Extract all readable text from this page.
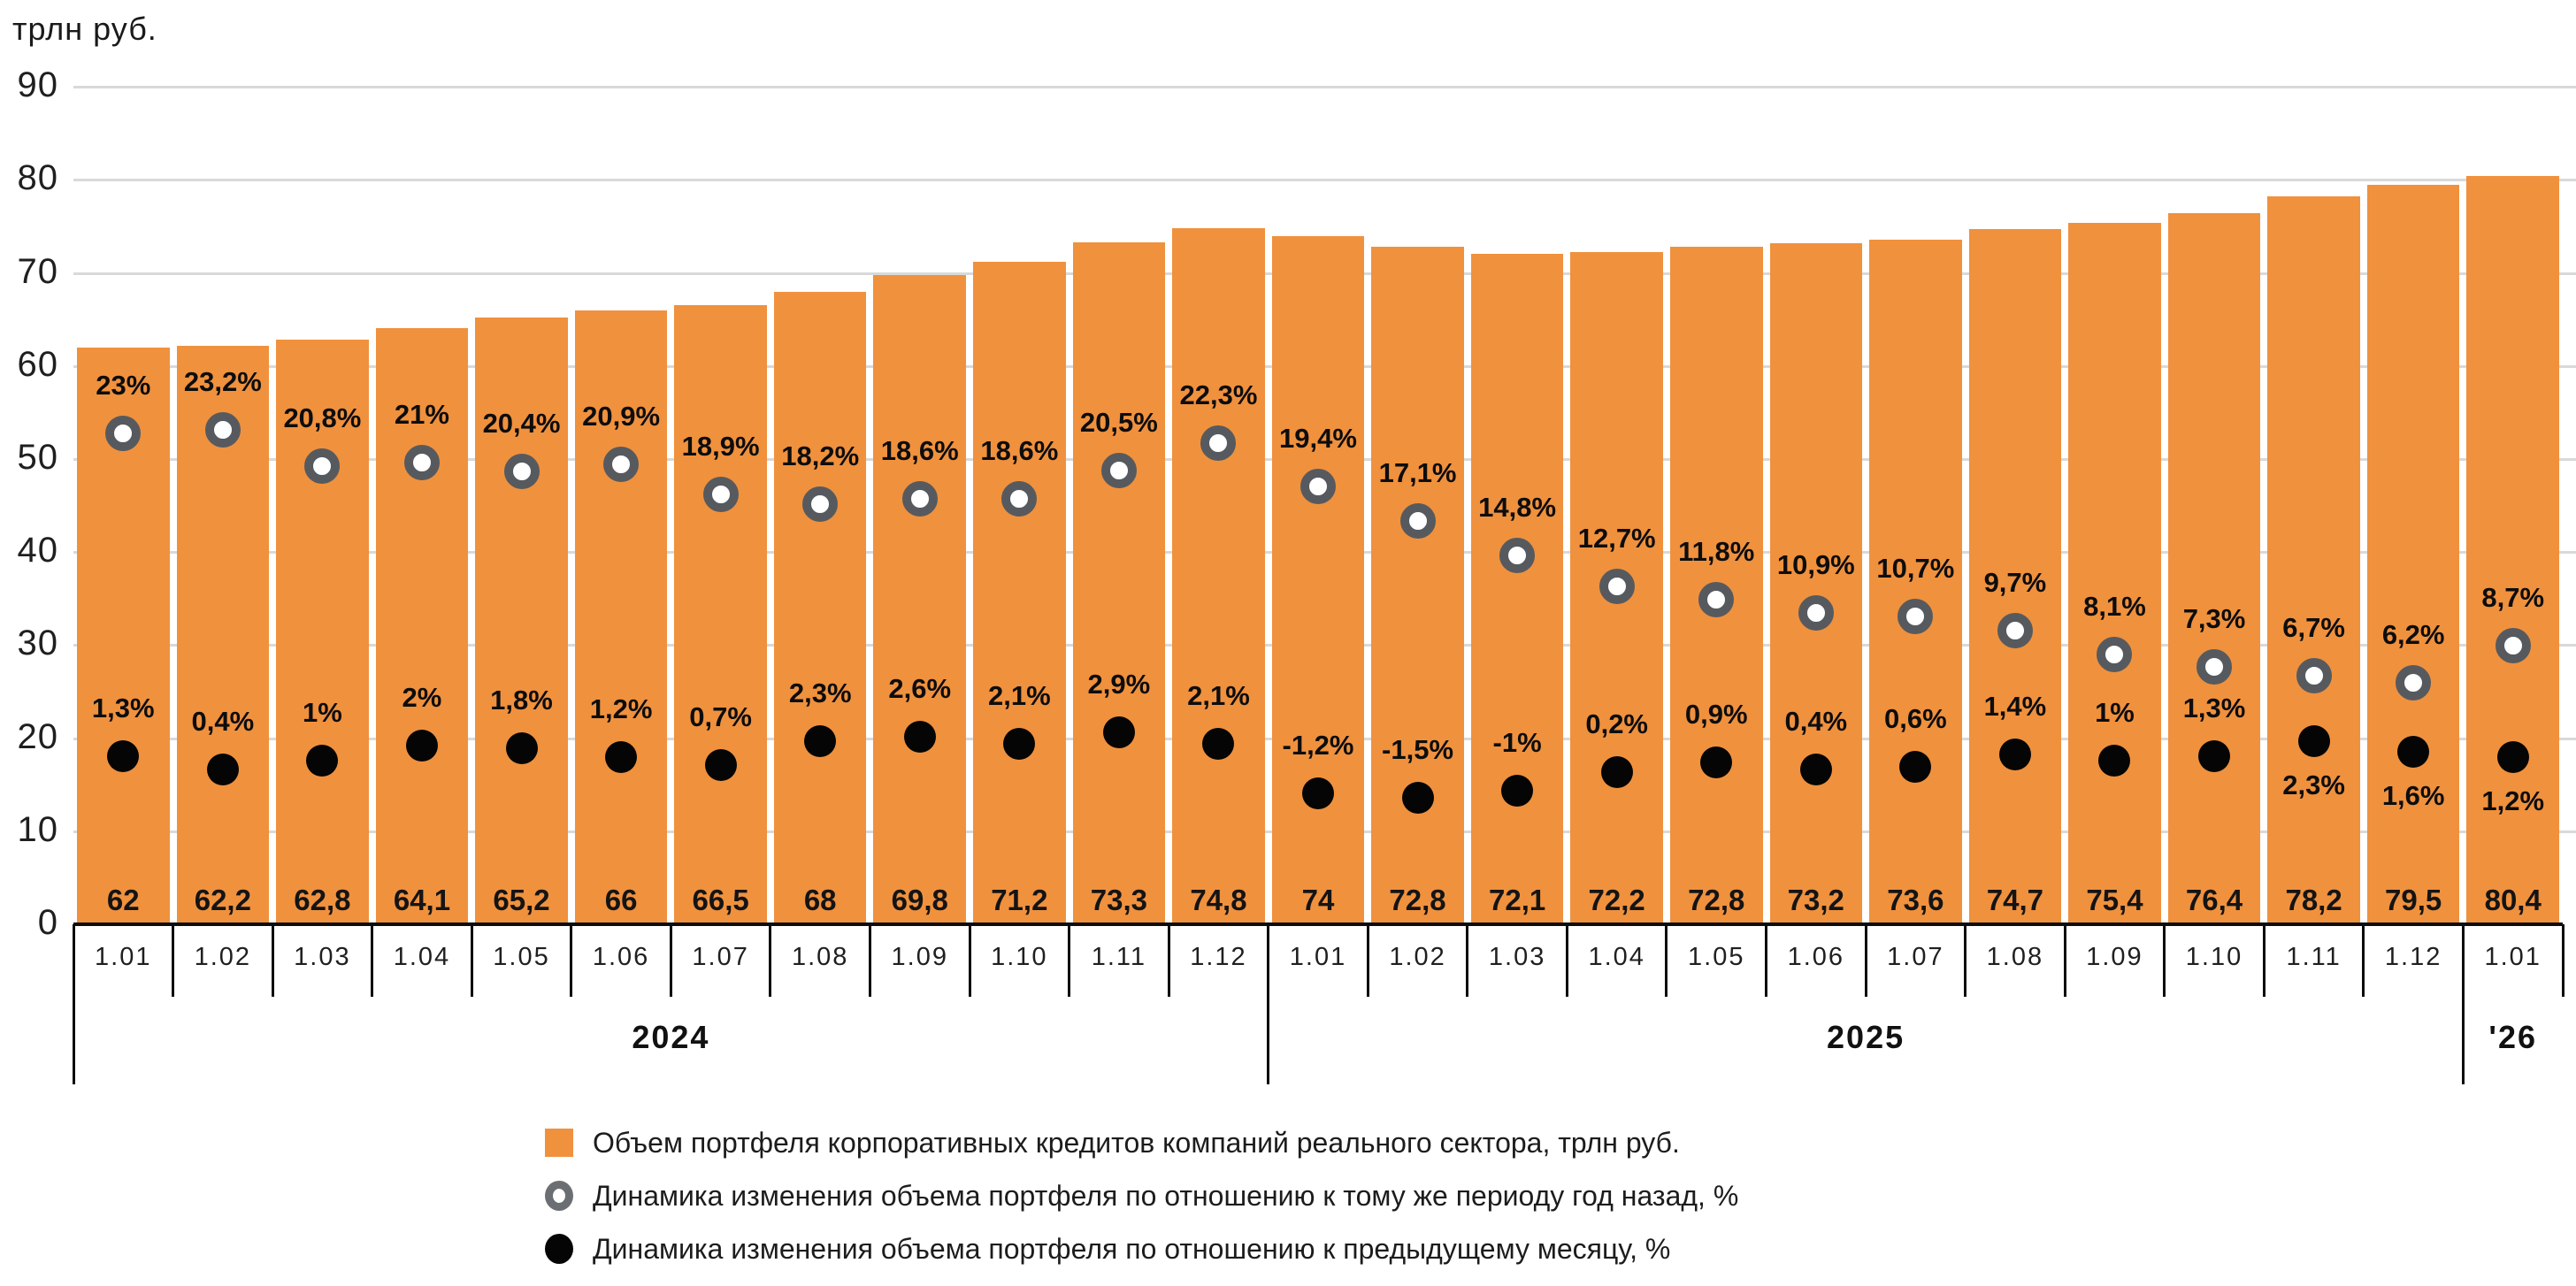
трлн руб.
0
10
20
30
40
50
60
70
80
90
62
23%
1,3%
1.01
62,2
23,2%
0,4%
1.02
62,8
20,8%
1%
1.03
64,1
21%
2%
1.04
65,2
20,4%
1,8%
1.05
66
20,9%
1,2%
1.06
66,5
18,9%
0,7%
1.07
68
18,2%
2,3%
1.08
69,8
18,6%
2,6%
1.09
71,2
18,6%
2,1%
1.10
73,3
20,5%
2,9%
1.11
74,8
22,3%
2,1%
1.12
74
19,4%
-1,2%
1.01
72,8
17,1%
-1,5%
1.02
72,1
14,8%
-1%
1.03
72,2
12,7%
0,2%
1.04
72,8
11,8%
0,9%
1.05
73,2
10,9%
0,4%
1.06
73,6
10,7%
0,6%
1.07
74,7
9,7%
1,4%
1.08
75,4
8,1%
1%
1.09
76,4
7,3%
1,3%
1.10
78,2
6,7%
2,3%
1.11
79,5
6,2%
1,6%
1.12
80,4
8,7%
1,2%
1.01
2024	2025	'26
Объем портфеля корпоративных кредитов компаний реального сектора, трлн руб.
Динамика изменения объема портфеля по отношению к тому же периоду год назад, %
Динамика изменения объема портфеля по отношению к предыдущему месяцу, %
